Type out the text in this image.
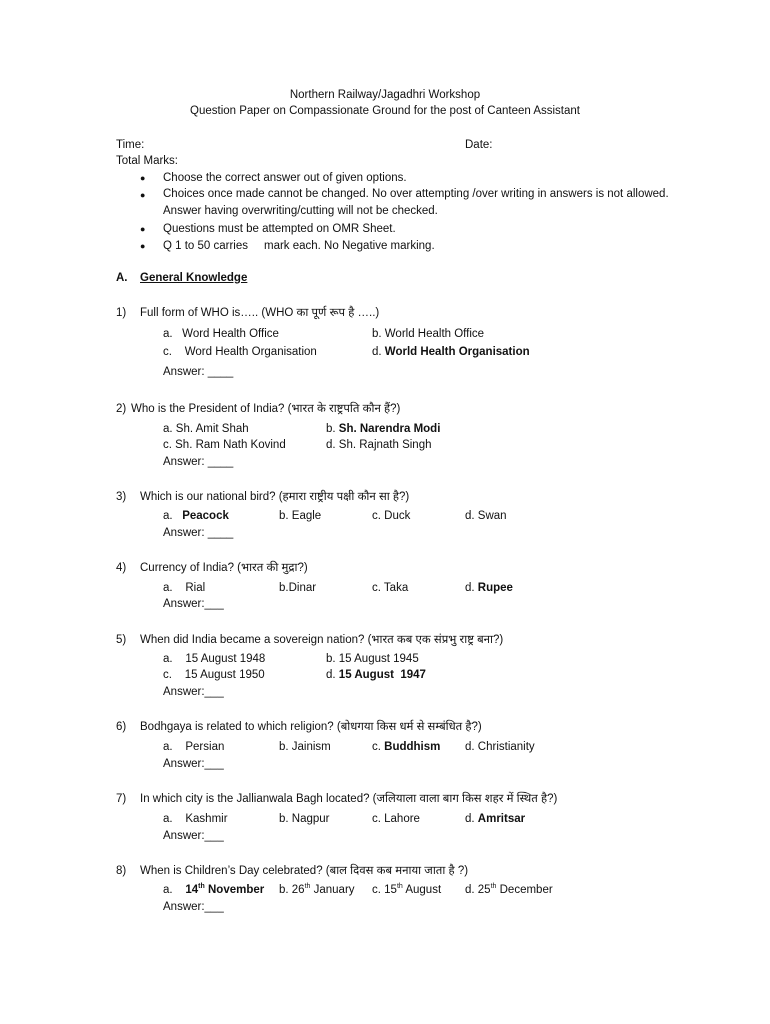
Northern Railway/Jagadhri Workshop
Question Paper on Compassionate Ground for the post of Canteen Assistant
Time:	Date:
Total Marks:
● Choose the correct answer out of given options.
● Choices once made cannot be changed. No over attempting /over writing in answers is not allowed. Answer having overwriting/cutting will not be checked.
● Questions must be attempted on OMR Sheet.
● Q 1 to 50 carries     mark each. No Negative marking.
A. General Knowledge
1) Full form of WHO is….. (WHO का पूर्ण रूप है …..)
a.   Word Health Office	b. World Health Office
c.    Word Health Organisation	d. World Health Organisation
Answer: ____
2) Who is the President of India? (भारत के राष्ट्रपति कौन हैं?)
a. Sh. Amit Shah	b. Sh. Narendra Modi
c. Sh. Ram Nath Kovind	d. Sh. Rajnath Singh
Answer: ____
3) Which is our national bird? (हमारा राष्ट्रीय पक्षी कौन सा है?)
a.   Peacock	b. Eagle	c. Duck	d. Swan
Answer: ____
4) Currency of India? (भारत की मुद्रा?)
a.    Rial	b.Dinar	c. Taka	d. Rupee
Answer:___
5) When did India became a sovereign nation? (भारत कब एक संप्रभु राष्ट्र बना?)
a.    15 August 1948	b. 15 August 1945
c.    15 August 1950	d. 15 August  1947
Answer:___
6) Bodhgaya is related to which religion? (बोधगया किस धर्म से सम्बंधित है?)
a.    Persian	b. Jainism	c. Buddhism d. Christianity
Answer:___
7) In which city is the Jallianwala Bagh located? (जलियाला वाला बाग किस शहर में स्थित है?)
a.    Kashmir	b. Nagpur	c. Lahore	d. Amritsar
Answer:___
8) When is Children’s Day celebrated? (बाल दिवस कब मनाया जाता है ?)
a.    14th November b. 26th January c. 15th August d. 25th December
Answer:___
